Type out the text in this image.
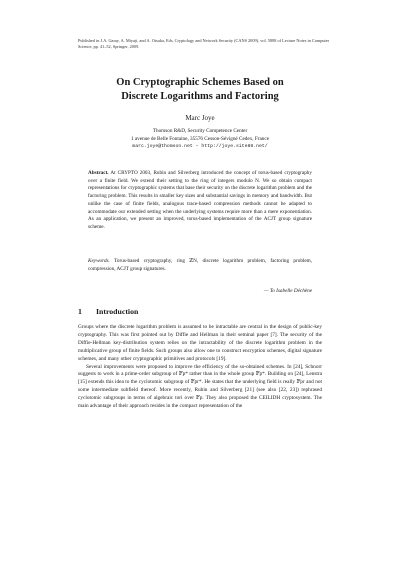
Published in J.A. Garay, A. Miyaji, and A. Otsuka, Eds, Cryptology and Network Security (CANS 2009), vol. 5888 of Lecture Notes in Computer Science, pp. 41–52, Springer, 2009.
On Cryptographic Schemes Based on
Discrete Logarithms and Factoring
Marc Joye
Thomson R&D, Security Competence Center
1 avenue de Belle Fontaine, 35576 Cesson-Sévigné Cedex, France
marc.joye@thomson.net – http://joye.site88.net/
Abstract. At CRYPTO 2003, Rubin and Silverberg introduced the concept of torus-based cryptography over a finite field. We extend their setting to the ring of integers modulo N. We so obtain compact representations for cryptographic systems that base their security on the discrete logarithm problem and the factoring problem. This results in smaller key sizes and substantial savings in memory and bandwidth. But unlike the case of finite fields, analogous trace-based compression methods cannot be adapted to accommodate our extended setting when the underlying systems require more than a mere exponentiation. As an application, we present an improved, torus-based implementation of the ACJT group signature scheme.
Keywords. Torus-based cryptography, ring ℤN, discrete logarithm problem, factoring problem, compression, ACJT group signatures.
— To Isabelle Déchène
1 Introduction

Groups where the discrete logarithm problem is assumed to be intractable are central in the design of public-key cryptography. This was first pointed out by Diffie and Hellman in their seminal paper [7]. The security of the Diffie-Hellman key-distribution system relies on the intractability of the discrete logarithm problem in the multiplicative group of finite fields. Such groups also allow one to construct encryption schemes, digital signature schemes, and many other cryptographic primitives and protocols [19].

Several improvements were proposed to improve the efficiency of the so-obtained schemes. In [24], Schnorr suggests to work in a prime-order subgroup of 𝔽p* rather than in the whole group 𝔽p*. Building on [24], Lenstra [15] extends this idea to the cyclotomic subgroup of 𝔽pr*. He states that the underlying field is really 𝔽pr and not some intermediate subfield thereof. More recently, Rubin and Silverberg [21] (see also [22, 23]) rephrased cyclotomic subgroups in terms of algebraic tori over 𝔽p. They also proposed the CEILIDH cryptosystem. The main advantage of their approach resides in the compact representation of the
